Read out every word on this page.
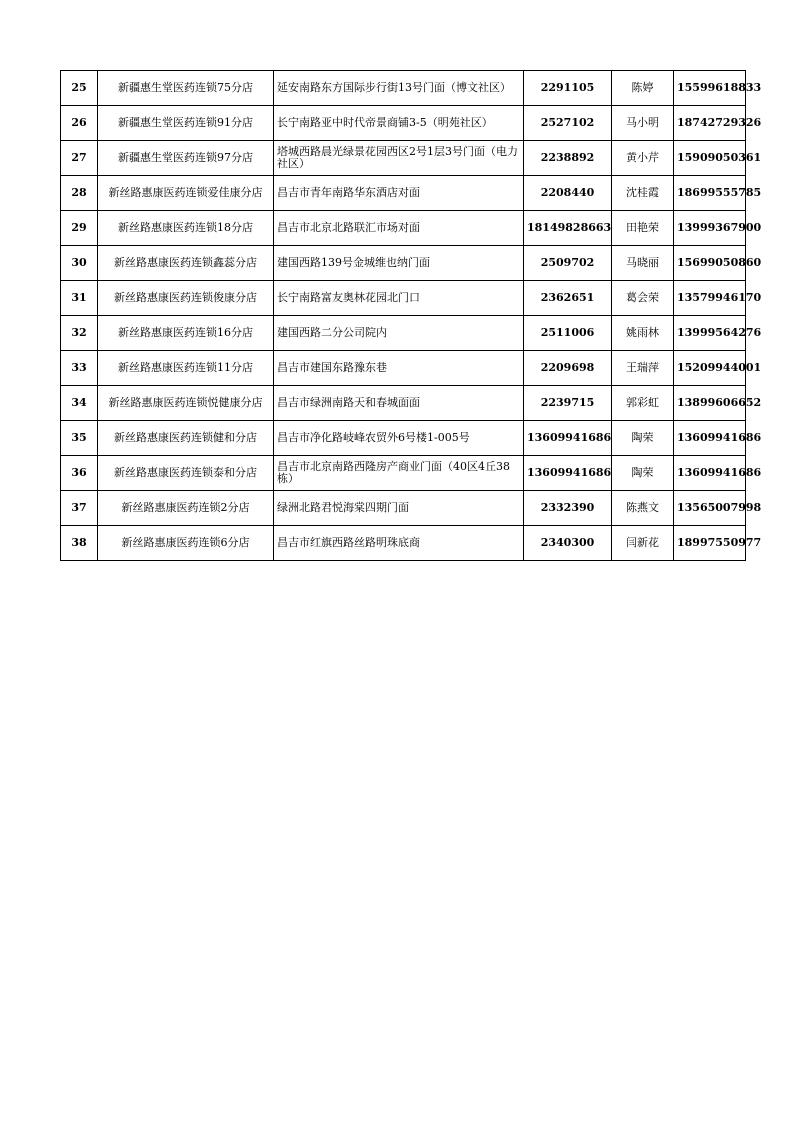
25	新疆惠生堂医药连锁75分店	延安南路东方国际步行街13号门面（博文社区）	2291105	陈婷	15599618833
26	新疆惠生堂医药连锁91分店	长宁南路亚中时代帝景商铺3-5（明苑社区）	2527102	马小明	18742729326
27	新疆惠生堂医药连锁97分店	塔城西路晨光绿景花园西区2号1层3号门面（电力社区）	2238892	黄小芹	15909050361
28	新丝路惠康医药连锁爱佳康分店	昌吉市青年南路华东酒店对面	2208440	沈桂霞	18699555785
29	新丝路惠康医药连锁18分店	昌吉市北京北路联汇市场对面	18149828663	田艳荣	13999367900
30	新丝路惠康医药连锁鑫蕊分店	建国西路139号金城维也纳门面	2509702	马晓丽	15699050860
31	新丝路惠康医药连锁俊康分店	长宁南路富友奥林花园北门口	2362651	葛会荣	13579946170
32	新丝路惠康医药连锁16分店	建国西路二分公司院内	2511006	姚雨林	13999564276
33	新丝路惠康医药连锁11分店	昌吉市建国东路豫东巷	2209698	王瑞萍	15209944001
34	新丝路惠康医药连锁悦健康分店	昌吉市绿洲南路天和春城面面	2239715	郭彩虹	13899606652
35	新丝路惠康医药连锁健和分店	昌吉市净化路岐峰农贸外6号楼1-005号	13609941686	陶荣	13609941686
36	新丝路惠康医药连锁泰和分店	昌吉市北京南路西隆房产商业门面（40区4丘38栋）	13609941686	陶荣	13609941686
37	新丝路惠康医药连锁2分店	绿洲北路君悦海棠四期门面	2332390	陈燕文	13565007998
38	新丝路惠康医药连锁6分店	昌吉市红旗西路丝路明珠底商	2340300	闫新花	18997550977
